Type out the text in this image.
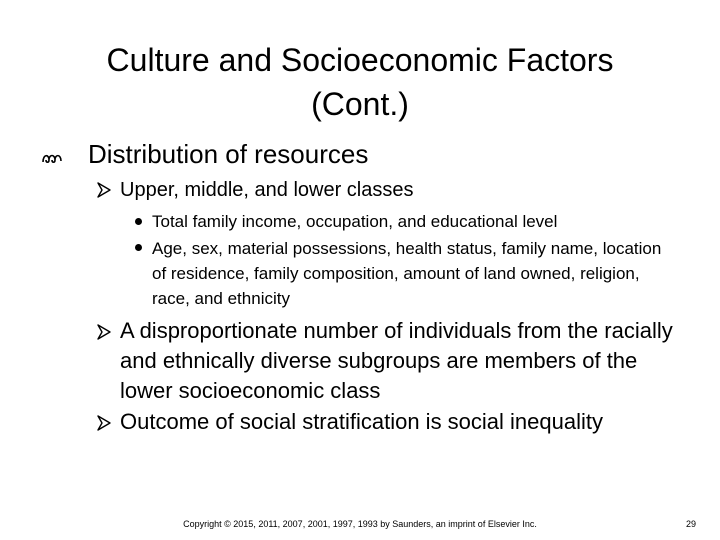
Culture and Socioeconomic Factors
(Cont.)
Distribution of resources
Upper, middle, and lower classes
Total family income, occupation, and educational level
Age, sex, material possessions, health status, family name, location of residence, family composition, amount of land owned, religion, race, and ethnicity
A disproportionate number of individuals from the racially and ethnically diverse subgroups are members of the lower socioeconomic class
Outcome of social stratification is social inequality
Copyright © 2015, 2011, 2007, 2001, 1997, 1993 by Saunders, an imprint of Elsevier Inc.	29
